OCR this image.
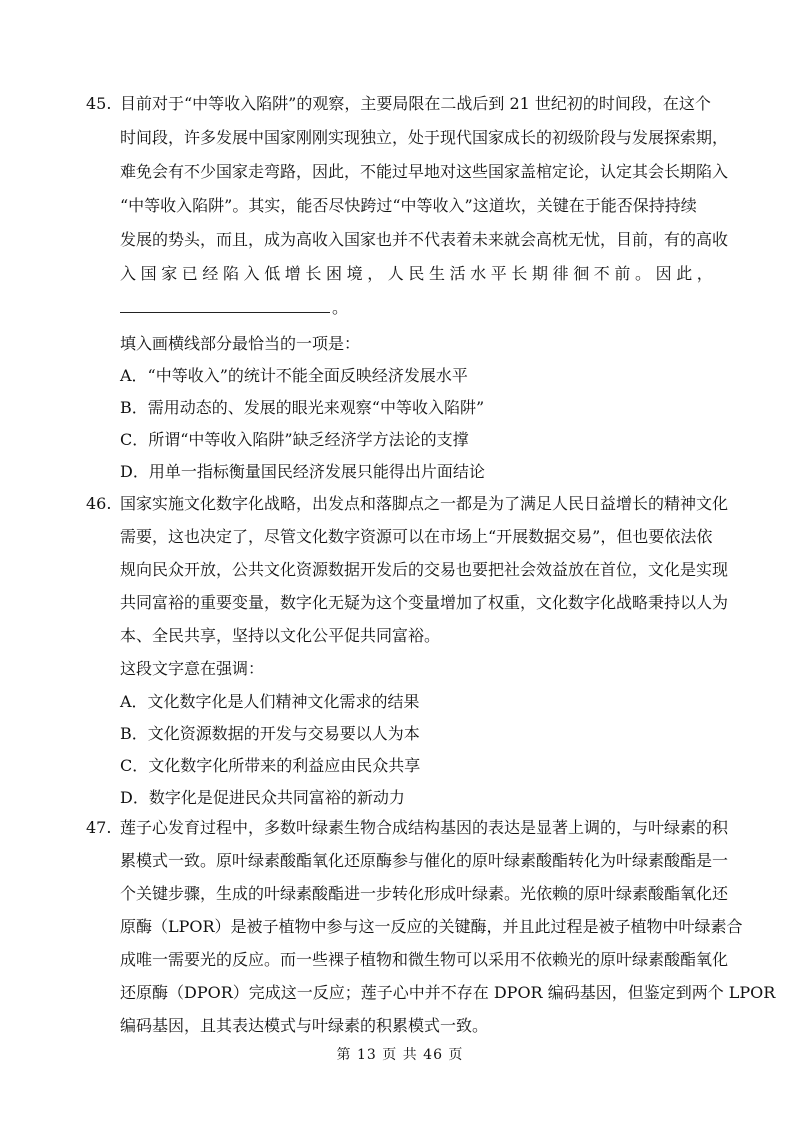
45. 目前对于“中等收入陷阱”的观察，主要局限在二战后到 21 世纪初的时间段，在这个
时间段，许多发展中国家刚刚实现独立，处于现代国家成长的初级阶段与发展探索期，
难免会有不少国家走弯路，因此，不能过早地对这些国家盖棺定论，认定其会长期陷入
“中等收入陷阱”。其实，能否尽快跨过“中等收入”这道坎，关键在于能否保持持续
发展的势头，而且，成为高收入国家也并不代表着未来就会高枕无忧，目前，有的高收
入国家已经陷入低增长困境，人民生活水平长期徘徊不前。因此，
。
填入画横线部分最恰当的一项是：
A．“中等收入”的统计不能全面反映经济发展水平
B．需用动态的、发展的眼光来观察“中等收入陷阱”
C．所谓“中等收入陷阱”缺乏经济学方法论的支撑
D．用单一指标衡量国民经济发展只能得出片面结论
46. 国家实施文化数字化战略，出发点和落脚点之一都是为了满足人民日益增长的精神文化
需要，这也决定了，尽管文化数字资源可以在市场上“开展数据交易”，但也要依法依
规向民众开放，公共文化资源数据开发后的交易也要把社会效益放在首位，文化是实现
共同富裕的重要变量，数字化无疑为这个变量增加了权重，文化数字化战略秉持以人为
本、全民共享，坚持以文化公平促共同富裕。
这段文字意在强调：
A．文化数字化是人们精神文化需求的结果
B．文化资源数据的开发与交易要以人为本
C．文化数字化所带来的利益应由民众共享
D．数字化是促进民众共同富裕的新动力
47. 莲子心发育过程中，多数叶绿素生物合成结构基因的表达是显著上调的，与叶绿素的积
累模式一致。原叶绿素酸酯氧化还原酶参与催化的原叶绿素酸酯转化为叶绿素酸酯是一
个关键步骤，生成的叶绿素酸酯进一步转化形成叶绿素。光依赖的原叶绿素酸酯氧化还
原酶（LPOR）是被子植物中参与这一反应的关键酶，并且此过程是被子植物中叶绿素合
成唯一需要光的反应。而一些裸子植物和微生物可以采用不依赖光的原叶绿素酸酯氧化
还原酶（DPOR）完成这一反应；莲子心中并不存在 DPOR 编码基因，但鉴定到两个 LPOR
编码基因，且其表达模式与叶绿素的积累模式一致。
第 13 页 共 46 页
